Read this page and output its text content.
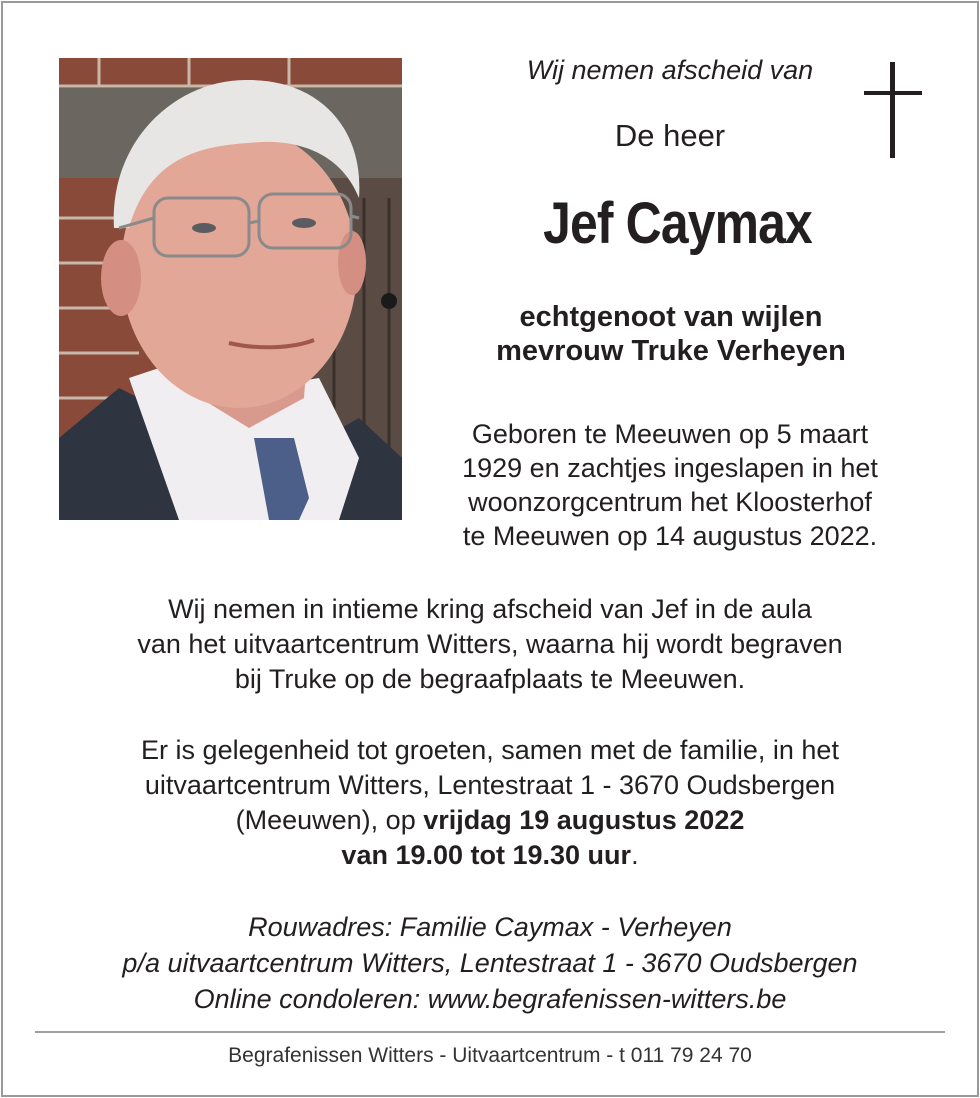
Wij nemen afscheid van
De heer
Jef Caymax
echtgenoot van wijlen
mevrouw Truke Verheyen
Geboren te Meeuwen op 5 maart
1929 en zachtjes ingeslapen in het
woonzorgcentrum het Kloosterhof
te Meeuwen op 14 augustus 2022.
Wij nemen in intieme kring afscheid van Jef in de aula
van het uitvaartcentrum Witters, waarna hij wordt begraven
bij Truke op de begraafplaats te Meeuwen.
Er is gelegenheid tot groeten, samen met de familie, in het
uitvaartcentrum Witters, Lentestraat 1 - 3670 Oudsbergen
(Meeuwen), op vrijdag 19 augustus 2022
van 19.00 tot 19.30 uur.
Rouwadres: Familie Caymax - Verheyen
p/a uitvaartcentrum Witters, Lentestraat 1 - 3670 Oudsbergen
Online condoleren: www.begrafenissen-witters.be
Begrafenissen Witters - Uitvaartcentrum - t 011 79 24 70
